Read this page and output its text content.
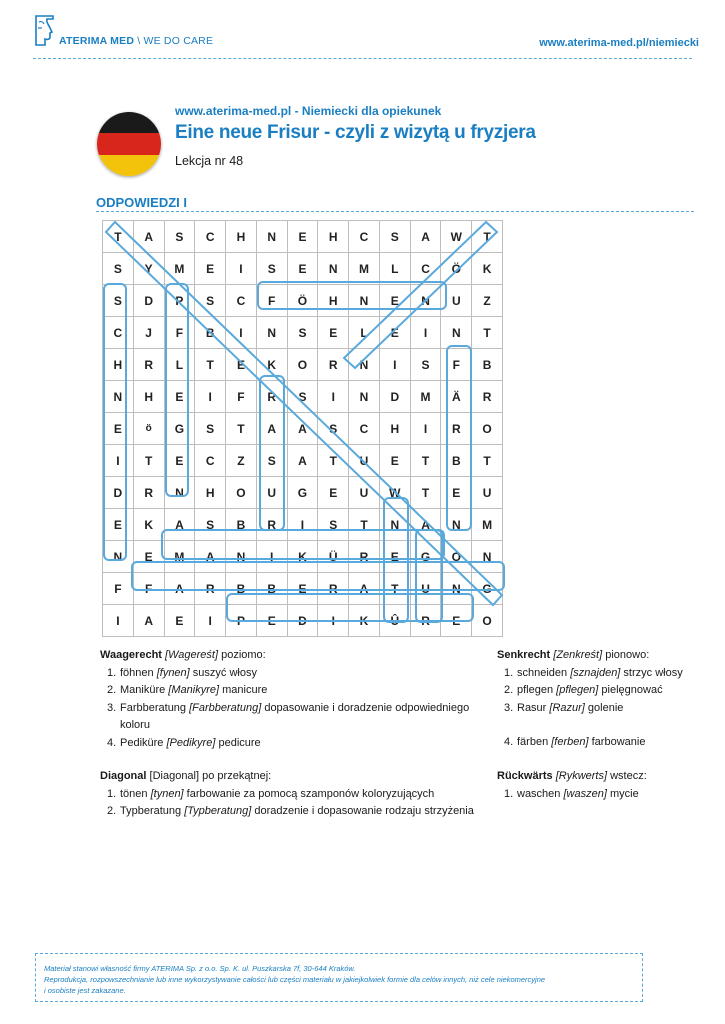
ATERIMA MED \ WE DO CARE	www.aterima-med.pl/niemiecki
www.aterima-med.pl - Niemiecki dla opiekunek
Eine neue Frisur - czyli z wizytą u fryzjera
Lekcja nr 48
ODPOWIEDZI I
T	A	S	C	H	N	E	H	C	S	A	W	T
S	Y	M	E	I	S	E	N	M	L	C	Ö	K
S	D	P	S	C	F	Ö	H	N	E	N	U	Z
C	J	F	B	I	N	S	E	L	E	I	N	T
H	R	L	T	E	K	O	R	N	I	S	F	B
N	H	E	I	F	R	S	I	N	D	M	Ä	R
E	ö	G	S	T	A	A	S	C	H	I	R	O
I	T	E	C	Z	S	A	T	U	E	T	B	T
D	R	N	H	O	U	G	E	U	W	T	E	U
E	K	A	S	B	R	I	S	T	N	A	N	M
N	E	M	A	N	I	K	Ü	R	E	G	O	N
F	F	A	R	B	B	E	R	A	T	U	N	G
I	A	E	I	P	E	D	I	K	Û	R	E	O
Waagerecht [Wagereśt] poziomo:
1. föhnen [fynen] suszyć włosy
2. Maniküre [Manikyre] manicure
3. Farbberatung [Farbberatung] dopasowanie i doradzenie odpowiedniego koloru
4. Pediküre [Pedikyre] pedicure
Diagonal [Diagonal] po przekątnej:
1. tönen [tynen] farbowanie za pomocą szamponów koloryzujących
2. Typberatung [Typberatung] doradzenie i dopasowanie rodzaju strzyżenia
Senkrecht [Zenkreśt] pionowo:
1. schneiden [sznajden] strzyc włosy
2. pflegen [pflegen] pielęgnować
3. Rasur [Razur] golenie
4. färben [ferben] farbowanie
Rückwärts [Rykwerts] wstecz:
1. waschen [waszen] mycie
Materiał stanowi własność firmy ATERIMA Sp. z o.o. Sp. K. ul. Puszkarska 7f, 30-644 Kraków.
Reprodukcja, rozpowszechnianie lub inne wykorzystywanie całości lub części materiału w jakiejkolwiek formie dla celów innych, niż cele niekomercyjne
i osobiste jest zakazane.
